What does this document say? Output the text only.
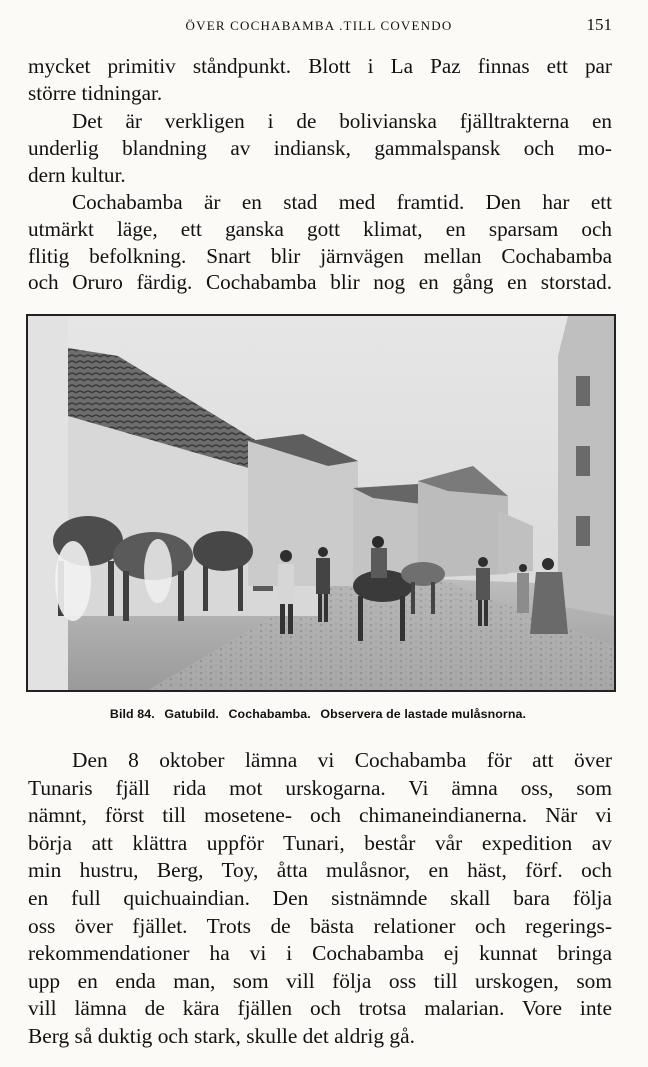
ÖVER COCHABAMBA .TILL COVENDO	151
mycket primitiv ståndpunkt. Blott i La Paz finnas ett par
större tidningar.
Det är verkligen i de bolivianska fjälltrakterna en
underlig blandning av indiansk, gammalspansk och mo-
dern kultur.
Cochabamba är en stad med framtid. Den har ett
utmärkt läge, ett ganska gott klimat, en sparsam och
flitig befolkning. Snart blir järnvägen mellan Cochabamba
och Oruro färdig. Cochabamba blir nog en gång en storstad.
Bild 84. Gatubild. Cochabamba. Observera de lastade mulåsnorna.
Den 8 oktober lämna vi Cochabamba för att över
Tunaris fjäll rida mot urskogarna. Vi ämna oss, som
nämnt, först till mosetene- och chimaneindianerna. När vi
börja att klättra uppför Tunari, består vår expedition av
min hustru, Berg, Toy, åtta mulåsnor, en häst, förf. och
en full quichuaindian. Den sistnämnde skall bara följa
oss över fjället. Trots de bästa relationer och regerings-
rekommendationer ha vi i Cochabamba ej kunnat bringa
upp en enda man, som vill följa oss till urskogen, som
vill lämna de kära fjällen och trotsa malarian. Vore inte
Berg så duktig och stark, skulle det aldrig gå.
